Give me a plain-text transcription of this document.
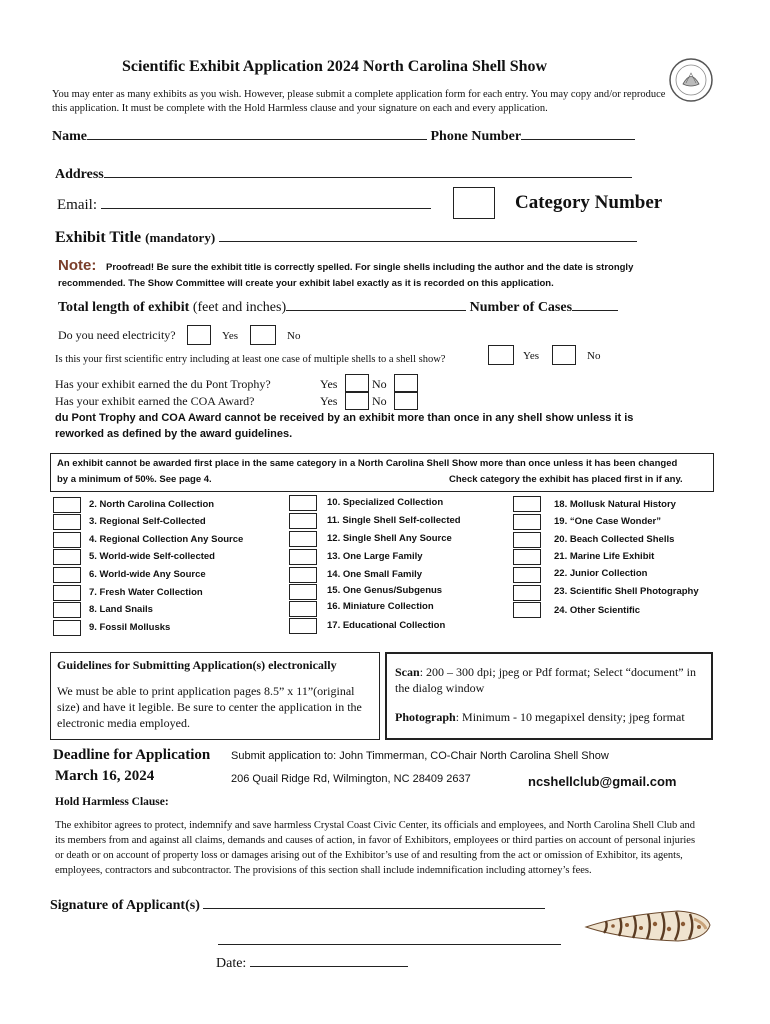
Scientific Exhibit Application 2024 North Carolina Shell Show

You may enter as many exhibits as you wish. However, please submit a complete application form for each entry. You may copy and/or reproduce this application. It must be complete with the Hold Harmless clause and your signature on each and every application.

Name	Phone Number
Address
Email:	Category Number
Exhibit Title (mandatory)
Note:	Proofread! Be sure the exhibit title is correctly spelled. For single shells including the author and the date is strongly recommended. The Show Committee will create your exhibit label exactly as it is recorded on this application.

Total length of exhibit (feet and inches)	Number of Cases
Do you need electricity?	Yes	No
Is this your first scientific entry including at least one case of multiple shells to a shell show?	Yes	No
Has your exhibit earned the du Pont Trophy?	Yes	No
Has your exhibit earned the COA Award?	Yes	No

du Pont Trophy and COA Award cannot be received by an exhibit more than once in any shell show unless it is reworked as defined by the award guidelines.

An exhibit cannot be awarded first place in the same category in a North Carolina Shell Show more than once unless it has been changed
by a minimum of 50%. See page 4.	Check category the exhibit has placed first in if any.
2. North Carolina Collection
3. Regional Self-Collected
4. Regional Collection Any Source
5. World-wide Self-collected
6. World-wide Any Source
7. Fresh Water Collection
8. Land Snails
9. Fossil Mollusks
10. Specialized Collection
11. Single Shell Self-collected
12. Single Shell Any Source
13. One Large Family
14. One Small Family
15. One Genus/Subgenus
16. Miniature Collection
17. Educational Collection
18. Mollusk Natural History
19. “One Case Wonder”
20. Beach Collected Shells
21. Marine Life Exhibit
22. Junior Collection
23. Scientific Shell Photography
24. Other Scientific
Guidelines for Submitting Application(s) electronically

We must be able to print application pages 8.5” x 11”(original size) and have it legible. Be sure to center the application in the electronic media employed.

Scan: 200 – 300 dpi; jpeg or Pdf format; Select “document” in the dialog window

Photograph: Minimum - 10 megapixel density; jpeg format

Deadline for Application
March 16, 2024
Submit application to: John Timmerman, CO-Chair North Carolina Shell Show
206 Quail Ridge Rd, Wilmington, NC 28409 2637	ncshellclub@gmail.com
Hold Harmless Clause:

The exhibitor agrees to protect, indemnify and save harmless Crystal Coast Civic Center, its officials and employees, and North Carolina Shell Club and its members from and against all claims, demands and causes of action, in favor of Exhibitors, employees or third parties on account of personal injuries or death or on account of property loss or damages arising out of the Exhibitor’s use of and resulting from the act or omission of Exhibitor, its agents, employees, contractors and subcontractor. The provisions of this section shall include indemnification including attorney’s fees.

Signature of Applicant(s)
Date:
